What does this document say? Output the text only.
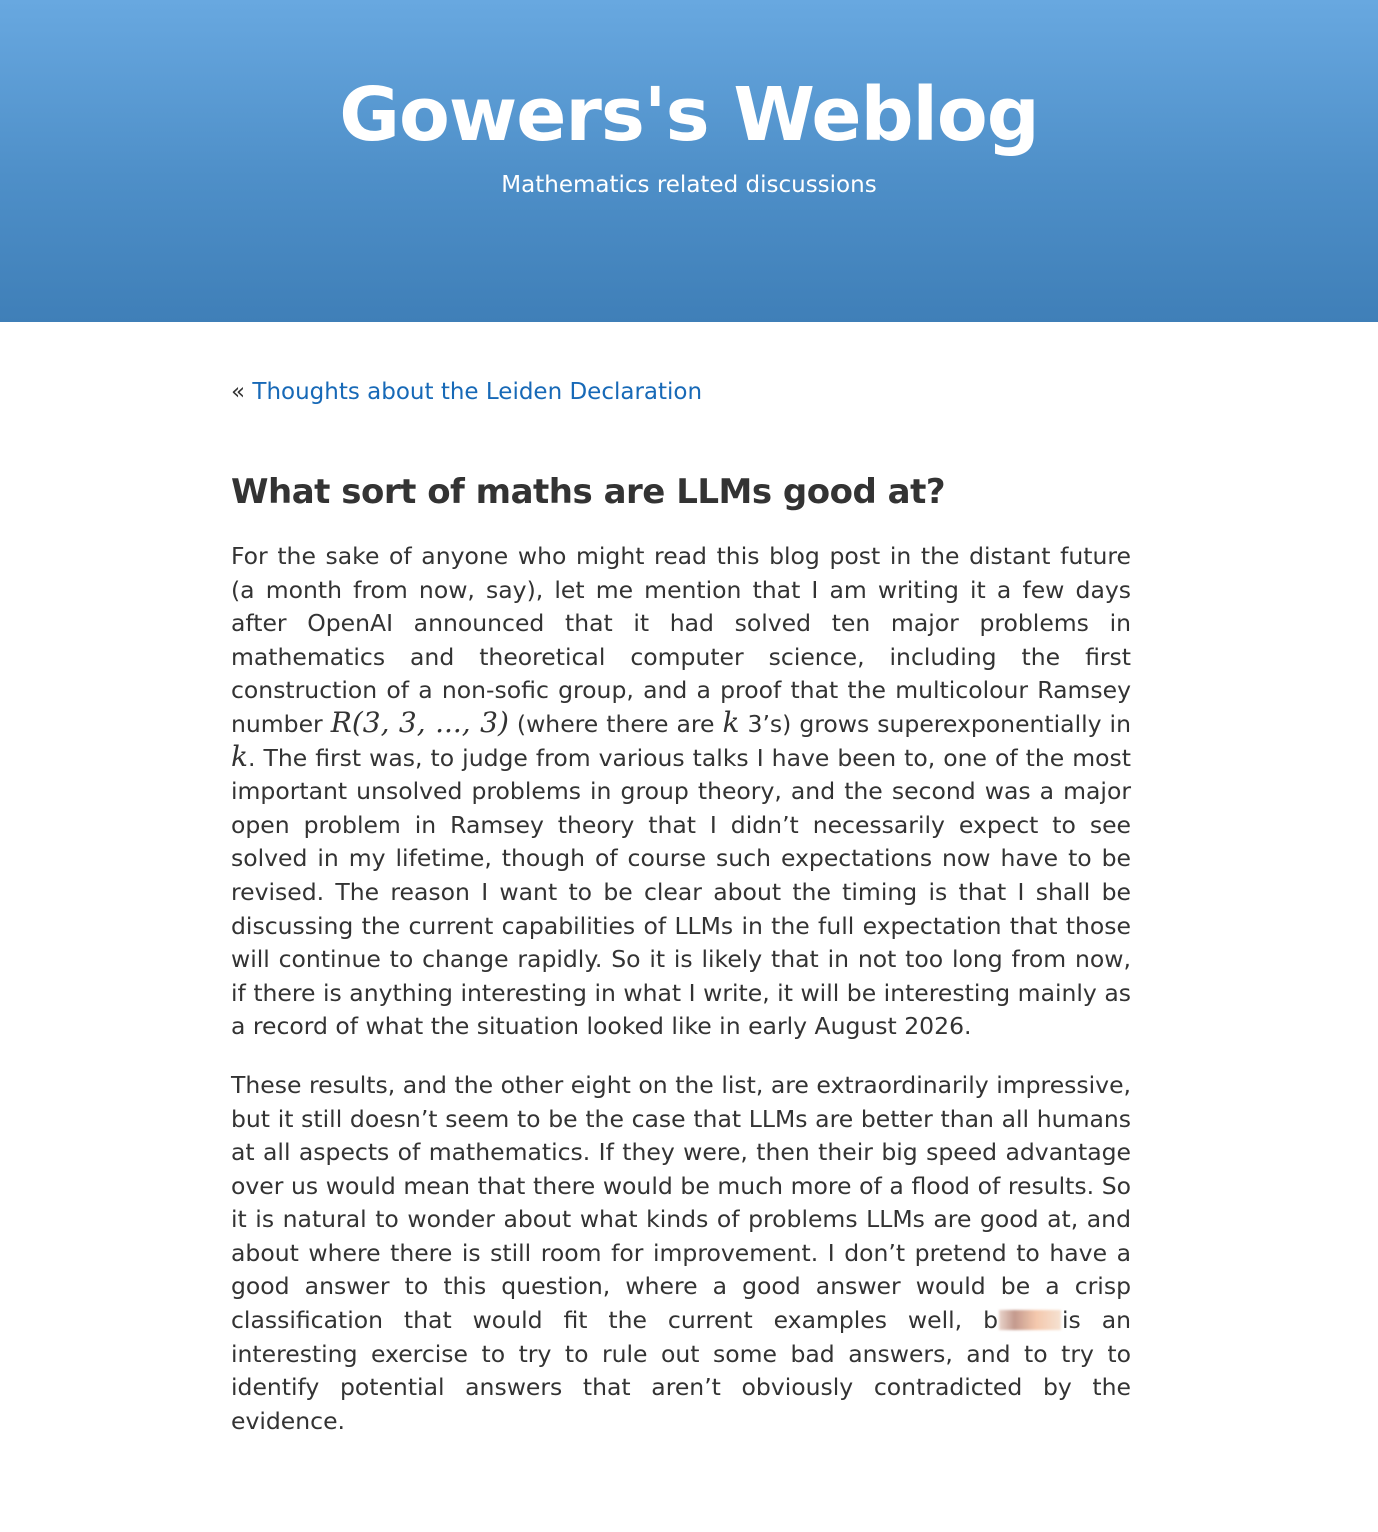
Gowers's Weblog
Mathematics related discussions
« Thoughts about the Leiden Declaration
What sort of maths are LLMs good at?

For the sake of anyone who might read this blog post in the distant future (a month from now, say), let me mention that I am writing it a few days after OpenAI announced that it had solved ten major problems in mathematics and theoretical computer science, including the first construction of a non-sofic group, and a proof that the multicolour Ramsey number R(3, 3, ..., 3) (where there are k 3’s) grows superexponentially in k. The first was, to judge from various talks I have been to, one of the most important unsolved problems in group theory, and the second was a major open problem in Ramsey theory that I didn’t necessarily expect to see solved in my lifetime, though of course such expectations now have to be revised. The reason I want to be clear about the timing is that I shall be discussing the current capabilities of LLMs in the full expectation that those will continue to change rapidly. So it is likely that in not too long from now, if there is anything interesting in what I write, it will be interesting mainly as a record of what the situation looked like in early August 2026.

These results, and the other eight on the list, are extraordinarily impressive, but it still doesn’t seem to be the case that LLMs are better than all humans at all aspects of mathematics. If they were, then their big speed advantage over us would mean that there would be much more of a flood of results. So it is natural to wonder about what kinds of problems LLMs are good at, and about where there is still room for improvement. I don’t pretend to have a good answer to this question, where a good answer would be a crisp classification that would fit the current examples well, b	is an interesting exercise to try to rule out some bad answers, and to try to identify potential answers that aren’t obviously contradicted by the evidence.
